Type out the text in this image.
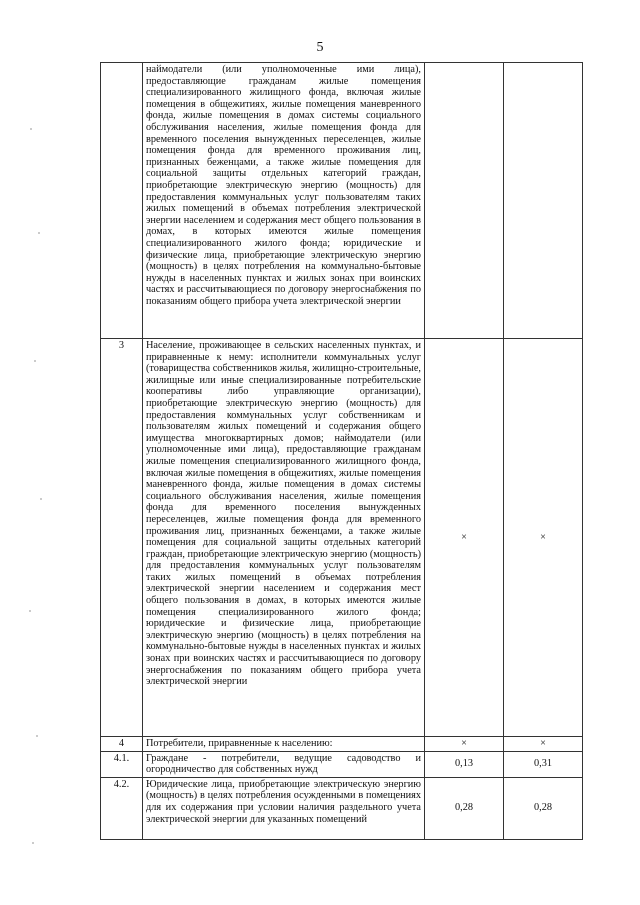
5
	наймодатели (или уполномоченные ими лица), предоставляющие гражданам жилые помещения специализированного жилищного фонда, включая жилые помещения в общежитиях, жилые помещения маневренного фонда, жилые помещения в домах системы социального обслуживания населения, жилые помещения фонда для временного поселения вынужденных переселенцев, жилые помещения фонда для временного проживания лиц, признанных беженцами, а также жилые помещения для социальной защиты отдельных категорий граждан, приобретающие электрическую энергию (мощность) для предоставления коммунальных услуг пользователям таких жилых помещений в объемах потребления электрической энергии населением и содержания мест общего пользования в домах, в которых имеются жилые помещения специализированного жилого фонда; юридические и физические лица, приобретающие электрическую энергию (мощность) в целях потребления на коммунально-бытовые нужды в населенных пунктах и жилых зонах при воинских частях и рассчитывающиеся по договору энергоснабжения по показаниям общего прибора учета электрической энергии		
3	Население, проживающее в сельских населенных пунктах, и приравненные к нему: исполнители коммунальных услуг (товарищества собственников жилья, жилищно-строительные, жилищные или иные специализированные потребительские кооперативы либо управляющие организации), приобретающие электрическую энергию (мощность) для предоставления коммунальных услуг собственникам и пользователям жилых помещений и содержания общего имущества многоквартирных домов; наймодатели (или уполномоченные ими лица), предоставляющие гражданам жилые помещения специализированного жилищного фонда, включая жилые помещения в общежитиях, жилые помещения маневренного фонда, жилые помещения в домах системы социального обслуживания населения, жилые помещения фонда для временного поселения вынужденных переселенцев, жилые помещения фонда для временного проживания лиц, признанных беженцами, а также жилые помещения для социальной защиты отдельных категорий граждан, приобретающие электрическую энергию (мощность) для предоставления коммунальных услуг пользователям таких жилых помещений в объемах потребления электрической энергии населением и содержания мест общего пользования в домах, в которых имеются жилые помещения специализированного жилого фонда; юридические и физические лица, приобретающие электрическую энергию (мощность) в целях потребления на коммунально-бытовые нужды в населенных пунктах и жилых зонах при воинских частях и рассчитывающиеся по договору энергоснабжения по показаниям общего прибора учета электрической энергии	×	×
4	Потребители, приравненные к населению:	×	×
4.1.	Граждане - потребители, ведущие садоводство и огородничество для собственных нужд	0,13	0,31
4.2.	Юридические лица, приобретающие электрическую энергию (мощность) в целях потребления осужденными в помещениях для их содержания при условии наличия раздельного учета электрической энергии для указанных помещений	0,28	0,28
